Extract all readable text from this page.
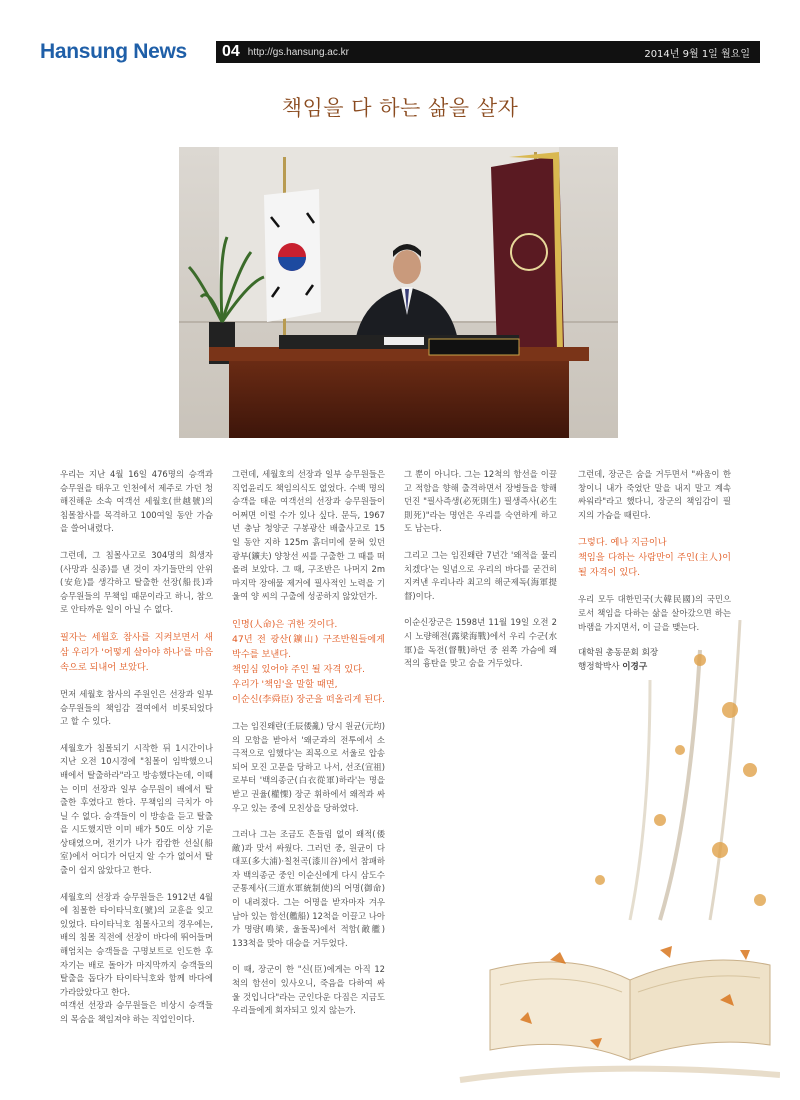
Hansung News	04 http://gs.hansung.ac.kr	2014년 9월 1일 월요일
책임을 다 하는 삶을 살자

우리는 지난 4월 16일 476명의 승객과 승무원을 태우고 인천에서 제주로 가던 청해진해운 소속 여객선 세월호(世越號)의 침몰참사를 목격하고 100여일 동안 가슴을 쓸어내렸다.

그런데, 그 침몰사고로 304명의 희생자(사망과 실종)를 낸 것이 자기들만의 안위(安危)를 생각하고 탈출한 선장(船長)과 승무원들의 무책임 때문이라고 하니, 참으로 안타까운 일이 아닐 수 없다.

필자는 세월호 참사를 지켜보면서 새삼 우리가 '어떻게 살아야 하나'를 마음속으로 되내어 보았다.

먼저 세월호 참사의 주원인은 선장과 일부 승무원들의 책임감 결여에서 비롯되었다고 할 수 있다.

세월호가 침몰되기 시작한 뒤 1시간이나 지난 오전 10시경에 "침몰이 임박했으니 배에서 탈출하라"라고 방송했다는데, 이때는 이미 선장과 일부 승무원이 배에서 탈출한 후였다고 한다. 무책임의 극치가 아닐 수 없다. 승객들이 이 방송을 듣고 탈출을 시도했지만 이미 배가 50도 이상 기운 상태였으며, 전기가 나가 캄캄한 선실(船室)에서 어디가 어딘지 알 수가 없어서 탈출이 쉽지 않았다고 한다.

세월호의 선장과 승무원들은 1912년 4월에 침몰한 타이타닉호(號)의 교훈을 잊고 있었다. 타이타닉호 침몰사고의 경우에는, 배의 침몰 직전에 선장이 바다에 뛰어들며 해엄치는 승객들을 구명보트로 인도한 후 자기는 배로 돌아가 마지막까지 승객들의 탈출을 돕다가 타이타닉호와 함께 바다에 가라앉았다고 한다.
여객선 선장과 승무원들은 비상시 승객들의 목숨을 책임져야 하는 직업인이다.

그런데, 세월호의 선장과 일부 승무원들은 직업윤리도 책임의식도 없었다. 수백 명의 승객을 태운 여객선의 선장과 승무원들이 어쩌면 이럴 수가 있나 싶다. 문득, 1967년 충남 청양군 구봉광산 배출사고로 15일 동안 지하 125m 흙더미에 묻혀 있던 광부(鑛夫) 양창선 씨를 구출한 그 때를 떠올려 보았다. 그 때, 구조반은 나머지 2m 마지막 장애물 제거에 필사적인 노력을 기울여 양 씨의 구출에 성공하지 않았던가.

인명(人命)은 귀한 것이다.
47년 전 광산(鑛山) 구조반원들에게 박수를 보낸다.
책임심 있어야 주인 될 자격 있다.
우리가 '책임'을 말할 때면,
이순신(李舜臣) 장군을 떠올리게 된다.

그는 임진왜란(壬辰倭亂) 당시 원균(元均)의 모함을 받아서 '왜군과의 전투에서 소극적으로 임했다'는 죄목으로 서울로 압송되어 모진 고문을 당하고 나서, 선조(宣祖)로부터 '백의종군(白衣從軍)하라'는 명을 받고 권율(權慄) 장군 휘하에서 왜적과 싸우고 있는 중에 모친상을 당하였다.

그러나 그는 조금도 흔들림 없이 왜적(倭敵)과 맞서 싸웠다. 그러던 중, 원균이 다대포(多大浦)·칠천곡(漆川谷)에서 참패하자 백의종군 중인 이순신에게 다시 삼도수군통제사(三道水軍統制使)의 어명(御命)이 내려졌다. 그는 어명을 받자마자 겨우 남아 있는 함선(艦船) 12척을 이끌고 나아가 명량(鳴梁, 울돌목)에서 적함(敵艦) 133척을 맞아 대승을 거두었다.

이 때, 장군이 한 "신(臣)에게는 아직 12척의 함선이 있사오니, 죽음을 다하여 싸울 것입니다"라는 군인다운 다짐은 지금도 우리들에게 회자되고 있지 않는가.

그 뿐이 아니다. 그는 12척의 함선을 이끌고 적함을 향해 출격하면서 장병들을 향해 던진 "필사즉생(必死則生) 필생즉사(必生則死)"라는 명언은 우리를 숙연하게 하고도 남는다.

그리고 그는 임진왜란 7년간 '왜적을 물리치겠다'는 일념으로 우리의 바다를 굳건히 지켜낸 우리나라 최고의 해군제독(海軍提督)이다.

이순신장군은 1598년 11월 19일 오전 2시 노량해전(露梁海戰)에서 우리 수군(水軍)을 독전(督戰)하던 중 왼쪽 가슴에 왜적의 흉탄을 맞고 숨을 거두었다.

그런데, 장군은 숨을 거두면서 "싸움이 한창이니 내가 죽었단 말을 내지 말고 계속 싸워라"라고 했다니, 장군의 책임감이 필지의 가슴을 때린다.

그렇다. 예나 지금이나
책임을 다하는 사람만이 주인(主人)이 될 자격이 있다.

우리 모두 대한민국(大韓民國)의 국민으로서 책임을 다하는 삶을 살아갔으면 하는 바램을 가지면서, 이 글을 맺는다.

대학원 총동문회 회장
행정학박사 이경구
